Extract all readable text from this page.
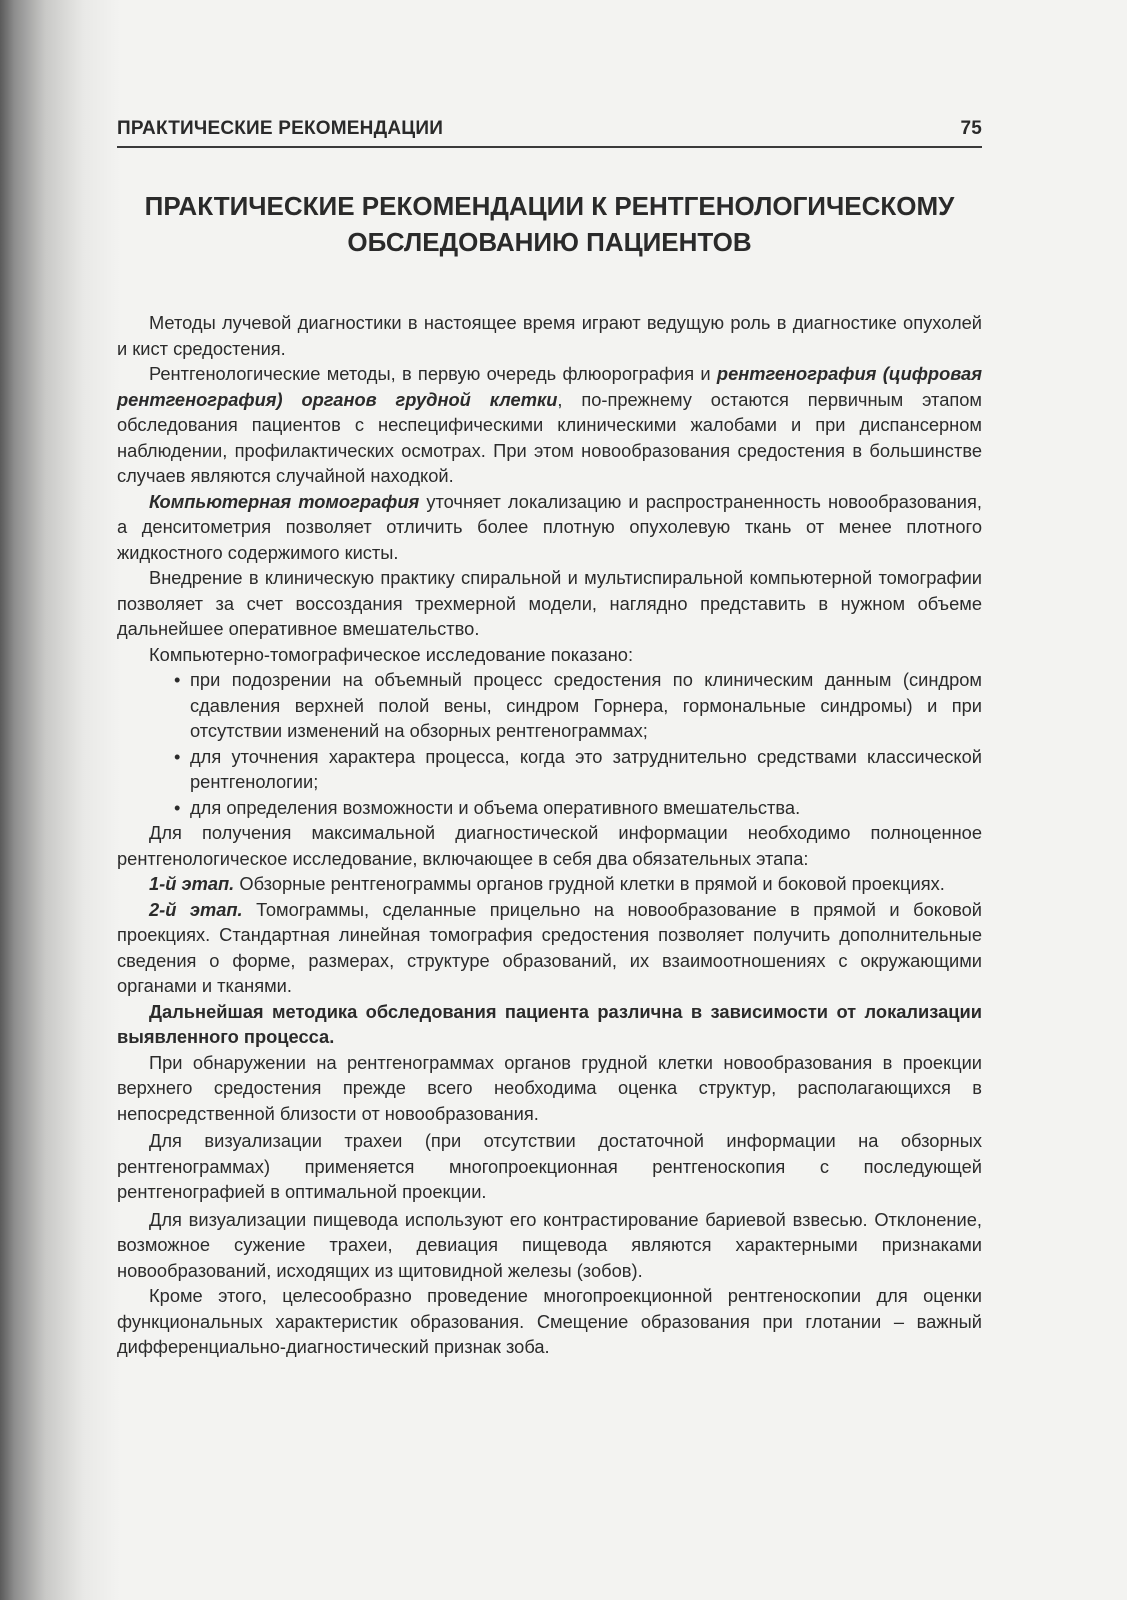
ПРАКТИЧЕСКИЕ РЕКОМЕНДАЦИИ	75
ПРАКТИЧЕСКИЕ РЕКОМЕНДАЦИИ К РЕНТГЕНОЛОГИЧЕСКОМУ
ОБСЛЕДОВАНИЮ ПАЦИЕНТОВ

Методы лучевой диагностики в настоящее время играют ведущую роль в диагностике опухолей и кист средостения.

Рентгенологические методы, в первую очередь флюорография и рентгенография (цифровая рентгенография) органов грудной клетки, по-прежнему остаются первичным этапом обследования пациентов с неспецифическими клиническими жалобами и при диспансерном наблюдении, профилактических осмотрах. При этом новообразования средостения в большинстве случаев являются случайной находкой.

Компьютерная томография уточняет локализацию и распространенность новообразования, а денситометрия позволяет отличить более плотную опухолевую ткань от менее плотного жидкостного содержимого кисты.

Внедрение в клиническую практику спиральной и мультиспиральной компьютерной томографии позволяет за счет воссоздания трехмерной модели, наглядно представить в нужном объеме дальнейшее оперативное вмешательство.

Компьютерно-томографическое исследование показано:

• при подозрении на объемный процесс средостения по клиническим данным (синдром сдавления верхней полой вены, синдром Горнера, гормональные синдромы) и при отсутствии изменений на обзорных рентгенограммах;
• для уточнения характера процесса, когда это затруднительно средствами классической рентгенологии;
• для определения возможности и объема оперативного вмешательства.

Для получения максимальной диагностической информации необходимо полноценное рентгенологическое исследование, включающее в себя два обязательных этапа:

1-й этап. Обзорные рентгенограммы органов грудной клетки в прямой и боковой проекциях.

2-й этап. Томограммы, сделанные прицельно на новообразование в прямой и боковой проекциях. Стандартная линейная томография средостения позволяет получить дополнительные сведения о форме, размерах, структуре образований, их взаимоотношениях с окружающими органами и тканями.

Дальнейшая методика обследования пациента различна в зависимости от локализации выявленного процесса.

При обнаружении на рентгенограммах органов грудной клетки новообразования в проекции верхнего средостения прежде всего необходима оценка структур, располагающихся в непосредственной близости от новообразования.

Для визуализации трахеи (при отсутствии достаточной информации на обзорных рентгенограммах) применяется многопроекционная рентгеноскопия с последующей рентгенографией в оптимальной проекции.

Для визуализации пищевода используют его контрастирование бариевой взвесью. Отклонение, возможное сужение трахеи, девиация пищевода являются характерными признаками новообразований, исходящих из щитовидной железы (зобов).

Кроме этого, целесообразно проведение многопроекционной рентгеноскопии для оценки функциональных характеристик образования. Смещение образования при глотании – важный дифференциально-диагностический признак зоба.
